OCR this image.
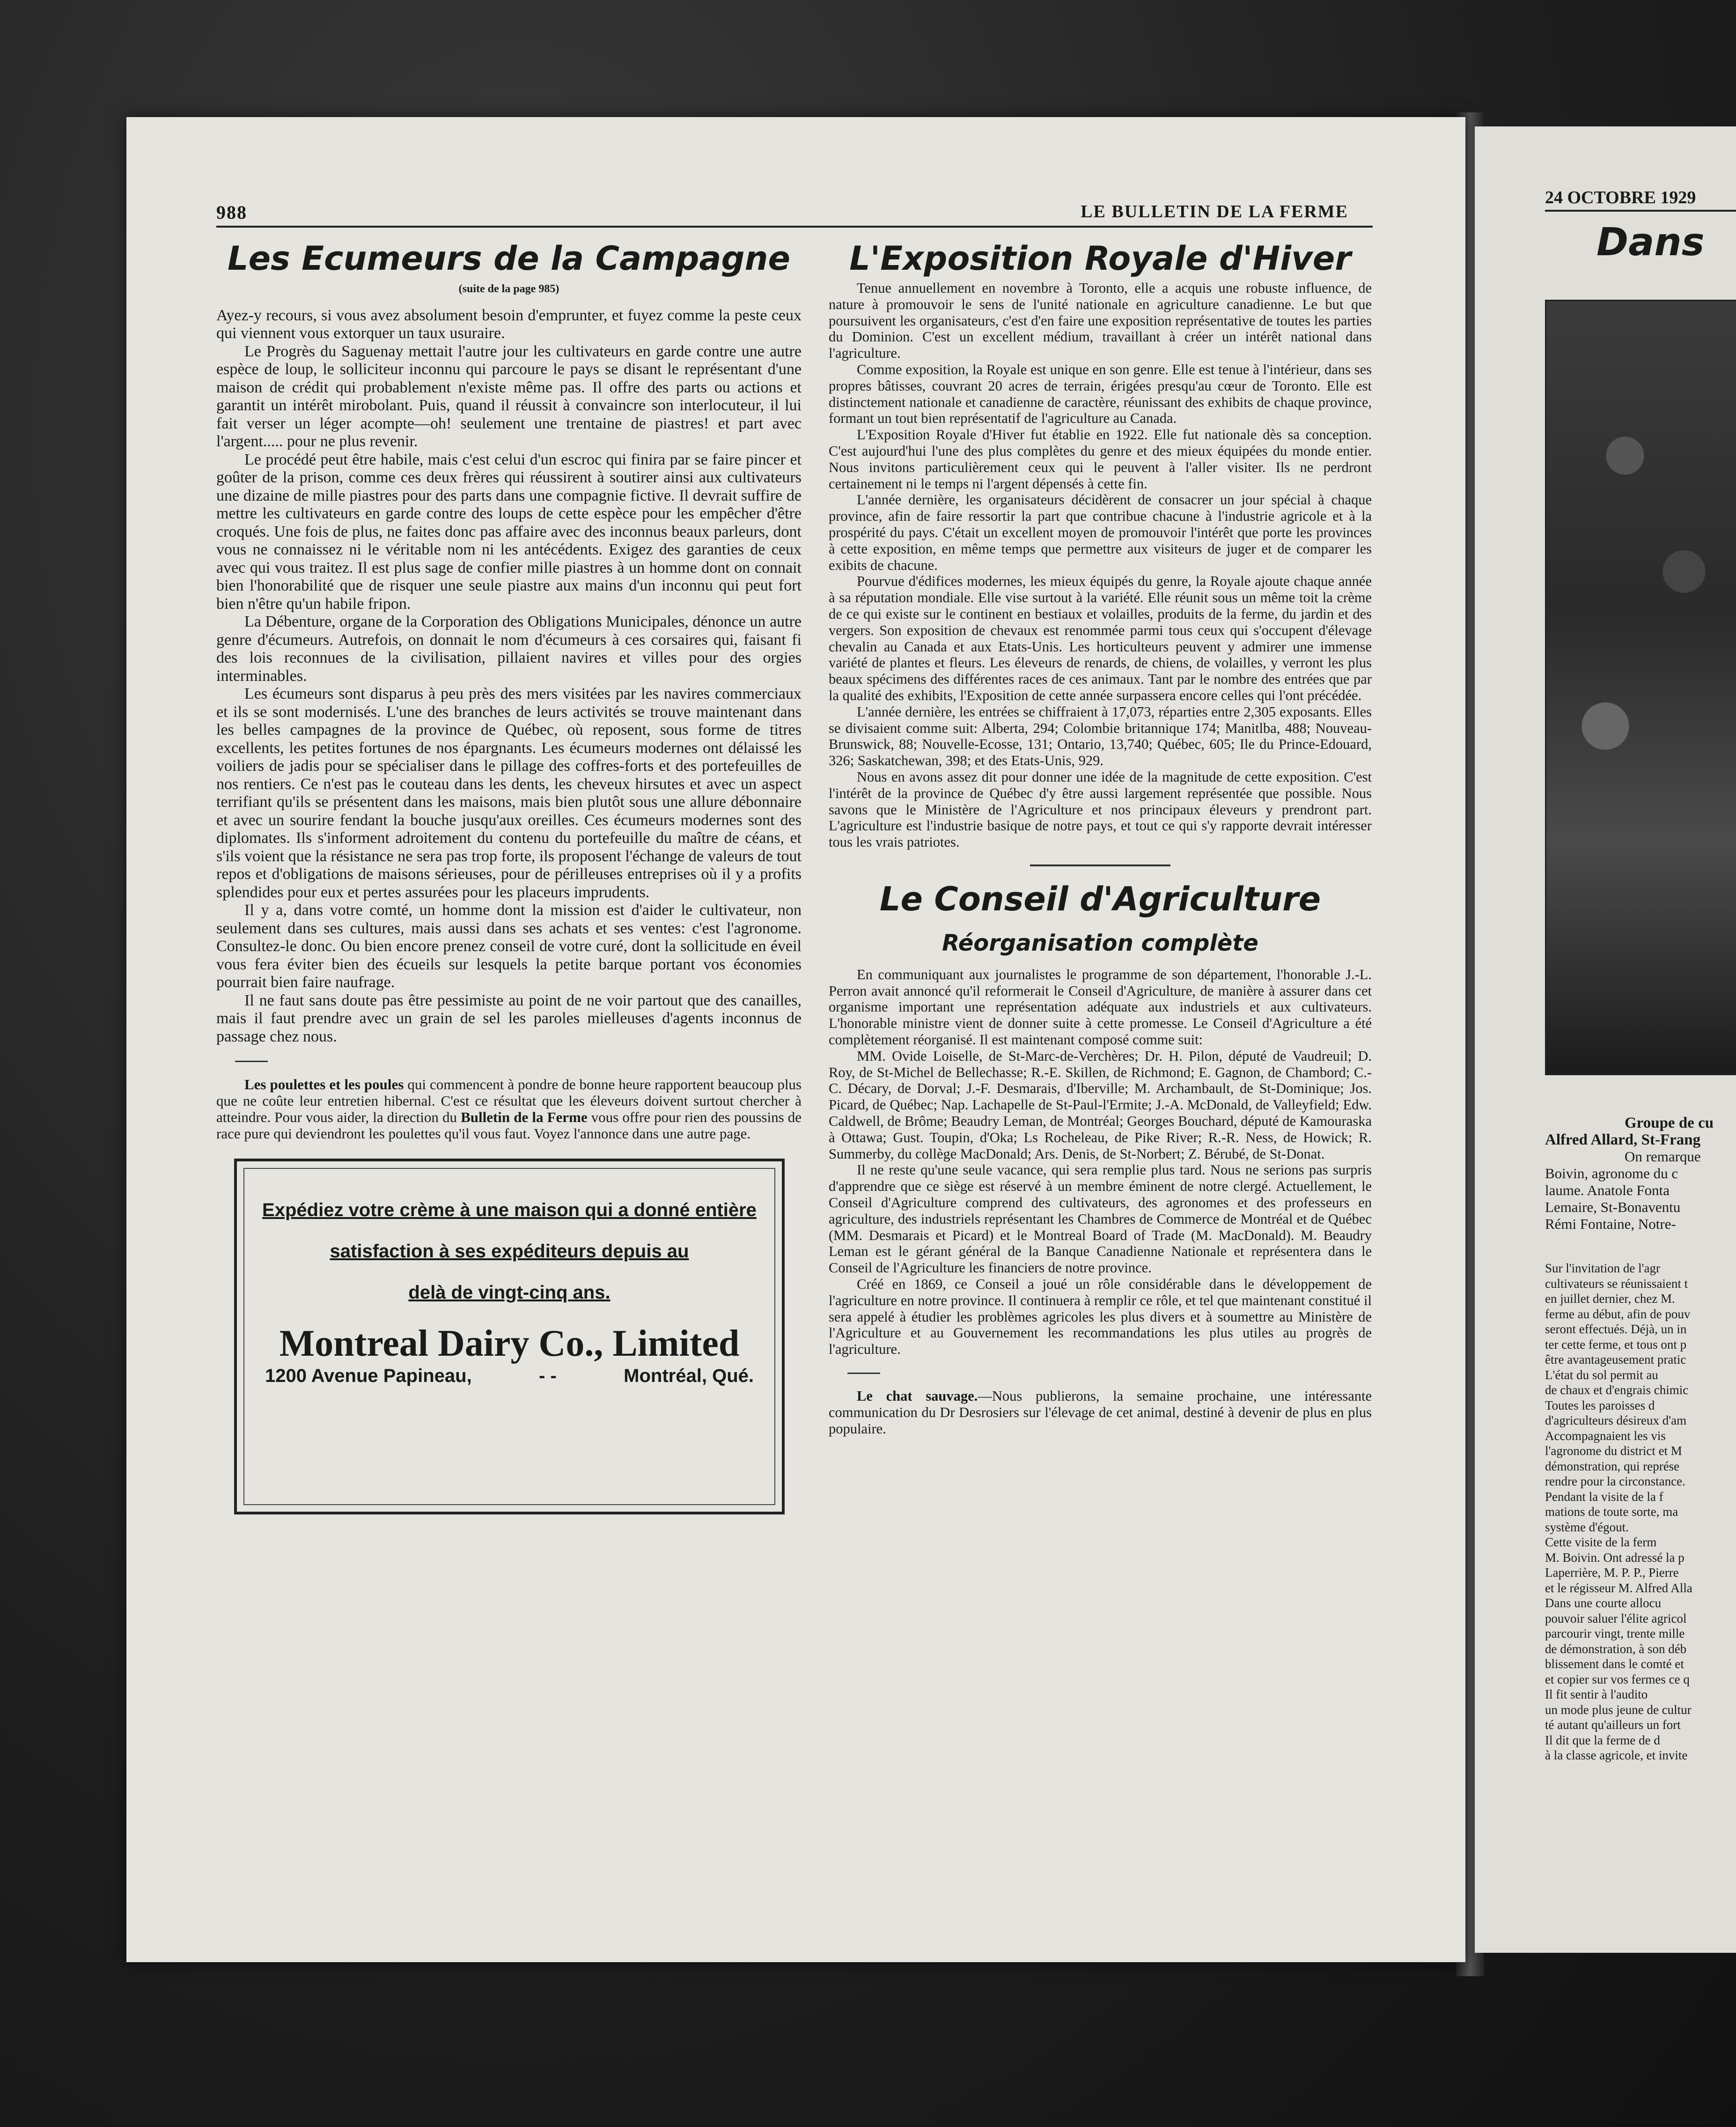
988	LE BULLETIN DE LA FERME
Les Ecumeurs de la Campagne
(suite de la page 985)

Ayez-y recours, si vous avez absolument besoin d'emprunter, et fuyez comme la peste ceux qui viennent vous extorquer un taux usuraire.

Le Progrès du Saguenay mettait l'autre jour les cultivateurs en garde contre une autre espèce de loup, le solliciteur inconnu qui parcoure le pays se disant le représentant d'une maison de crédit qui probablement n'existe même pas. Il offre des parts ou actions et garantit un intérêt mirobolant. Puis, quand il réussit à convaincre son interlocuteur, il lui fait verser un léger acompte—oh! seulement une trentaine de piastres! et part avec l'argent..... pour ne plus revenir.

Le procédé peut être habile, mais c'est celui d'un escroc qui finira par se faire pincer et goûter de la prison, comme ces deux frères qui réussirent à soutirer ainsi aux cultivateurs une dizaine de mille piastres pour des parts dans une compagnie fictive. Il devrait suffire de mettre les cultivateurs en garde contre des loups de cette espèce pour les empêcher d'être croqués. Une fois de plus, ne faites donc pas affaire avec des inconnus beaux parleurs, dont vous ne connaissez ni le véritable nom ni les antécédents. Exigez des garanties de ceux avec qui vous traitez. Il est plus sage de confier mille piastres à un homme dont on connait bien l'honorabilité que de risquer une seule piastre aux mains d'un inconnu qui peut fort bien n'être qu'un habile fripon.

La Débenture, organe de la Corporation des Obligations Municipales, dénonce un autre genre d'écumeurs. Autrefois, on donnait le nom d'écumeurs à ces corsaires qui, faisant fi des lois reconnues de la civilisation, pillaient navires et villes pour des orgies interminables.

Les écumeurs sont disparus à peu près des mers visitées par les navires commerciaux et ils se sont modernisés. L'une des branches de leurs activités se trouve maintenant dans les belles campagnes de la province de Québec, où reposent, sous forme de titres excellents, les petites fortunes de nos épargnants. Les écumeurs modernes ont délaissé les voiliers de jadis pour se spécialiser dans le pillage des coffres-forts et des portefeuilles de nos rentiers. Ce n'est pas le couteau dans les dents, les cheveux hirsutes et avec un aspect terrifiant qu'ils se présentent dans les maisons, mais bien plutôt sous une allure débonnaire et avec un sourire fendant la bouche jusqu'aux oreilles. Ces écumeurs modernes sont des diplomates. Ils s'informent adroitement du contenu du portefeuille du maître de céans, et s'ils voient que la résistance ne sera pas trop forte, ils proposent l'échange de valeurs de tout repos et d'obligations de maisons sérieuses, pour de périlleuses entreprises où il y a profits splendides pour eux et pertes assurées pour les placeurs imprudents.

Il y a, dans votre comté, un homme dont la mission est d'aider le cultivateur, non seulement dans ses cultures, mais aussi dans ses achats et ses ventes: c'est l'agronome. Consultez-le donc. Ou bien encore prenez conseil de votre curé, dont la sollicitude en éveil vous fera éviter bien des écueils sur lesquels la petite barque portant vos économies pourrait bien faire naufrage.

Il ne faut sans doute pas être pessimiste au point de ne voir partout que des canailles, mais il faut prendre avec un grain de sel les paroles mielleuses d'agents inconnus de passage chez nous.

Les poulettes et les poules qui commencent à pondre de bonne heure rapportent beaucoup plus que ne coûte leur entretien hibernal. C'est ce résultat que les éleveurs doivent surtout chercher à atteindre. Pour vous aider, la direction du Bulletin de la Ferme vous offre pour rien des poussins de race pure qui deviendront les poulettes qu'il vous faut. Voyez l'annonce dans une autre page.

Expédiez votre crème à une maison qui a donné entière
satisfaction à ses expéditeurs depuis au
delà de vingt-cinq ans.
Montreal Dairy Co., Limited
1200 Avenue Papineau,	- -	Montréal, Qué.
L'Exposition Royale d'Hiver

Tenue annuellement en novembre à Toronto, elle a acquis une robuste influence, de nature à promouvoir le sens de l'unité nationale en agriculture canadienne. Le but que poursuivent les organisateurs, c'est d'en faire une exposition représentative de toutes les parties du Dominion. C'est un excellent médium, travaillant à créer un intérêt national dans l'agriculture.

Comme exposition, la Royale est unique en son genre. Elle est tenue à l'intérieur, dans ses propres bâtisses, couvrant 20 acres de terrain, érigées presqu'au cœur de Toronto. Elle est distinctement nationale et canadienne de caractère, réunissant des exhibits de chaque province, formant un tout bien représentatif de l'agriculture au Canada.

L'Exposition Royale d'Hiver fut établie en 1922. Elle fut nationale dès sa conception. C'est aujourd'hui l'une des plus complètes du genre et des mieux équipées du monde entier. Nous invitons particulièrement ceux qui le peuvent à l'aller visiter. Ils ne perdront certainement ni le temps ni l'argent dépensés à cette fin.

L'année dernière, les organisateurs décidèrent de consacrer un jour spécial à chaque province, afin de faire ressortir la part que contribue chacune à l'industrie agricole et à la prospérité du pays. C'était un excellent moyen de promouvoir l'intérêt que porte les provinces à cette exposition, en même temps que permettre aux visiteurs de juger et de comparer les exibits de chacune.

Pourvue d'édifices modernes, les mieux équipés du genre, la Royale ajoute chaque année à sa réputation mondiale. Elle vise surtout à la variété. Elle réunit sous un même toit la crème de ce qui existe sur le continent en bestiaux et volailles, produits de la ferme, du jardin et des vergers. Son exposition de chevaux est renommée parmi tous ceux qui s'occupent d'élevage chevalin au Canada et aux Etats-Unis. Les horticulteurs peuvent y admirer une immense variété de plantes et fleurs. Les éleveurs de renards, de chiens, de volailles, y verront les plus beaux spécimens des différentes races de ces animaux. Tant par le nombre des entrées que par la qualité des exhibits, l'Exposition de cette année surpassera encore celles qui l'ont précédée.

L'année dernière, les entrées se chiffraient à 17,073, réparties entre 2,305 exposants. Elles se divisaient comme suit: Alberta, 294; Colombie britannique 174; Manitlba, 488; Nouveau-Brunswick, 88; Nouvelle-Ecosse, 131; Ontario, 13,740; Québec, 605; Ile du Prince-Edouard, 326; Saskatchewan, 398; et des Etats-Unis, 929.

Nous en avons assez dit pour donner une idée de la magnitude de cette exposition. C'est l'intérêt de la province de Québec d'y être aussi largement représentée que possible. Nous savons que le Ministère de l'Agriculture et nos principaux éleveurs y prendront part. L'agriculture est l'industrie basique de notre pays, et tout ce qui s'y rapporte devrait intéresser tous les vrais patriotes.

Le Conseil d'Agriculture
Réorganisation complète

En communiquant aux journalistes le programme de son département, l'honorable J.-L. Perron avait annoncé qu'il reformerait le Conseil d'Agriculture, de manière à assurer dans cet organisme important une représentation adéquate aux industriels et aux cultivateurs. L'honorable ministre vient de donner suite à cette promesse. Le Conseil d'Agriculture a été complètement réorganisé. Il est maintenant composé comme suit:

MM. Ovide Loiselle, de St-Marc-de-Verchères; Dr. H. Pilon, député de Vaudreuil; D. Roy, de St-Michel de Bellechasse; R.-E. Skillen, de Richmond; E. Gagnon, de Chambord; C.-C. Décary, de Dorval; J.-F. Desmarais, d'Iberville; M. Archambault, de St-Dominique; Jos. Picard, de Québec; Nap. Lachapelle de St-Paul-l'Ermite; J.-A. McDonald, de Valleyfield; Edw. Caldwell, de Brôme; Beaudry Leman, de Montréal; Georges Bouchard, député de Kamouraska à Ottawa; Gust. Toupin, d'Oka; Ls Rocheleau, de Pike River; R.-R. Ness, de Howick; R. Summerby, du collège MacDonald; Ars. Denis, de St-Norbert; Z. Bérubé, de St-Donat.

Il ne reste qu'une seule vacance, qui sera remplie plus tard. Nous ne serions pas surpris d'apprendre que ce siège est réservé à un membre éminent de notre clergé. Actuellement, le Conseil d'Agriculture comprend des cultivateurs, des agronomes et des professeurs en agriculture, des industriels représentant les Chambres de Commerce de Montréal et de Québec (MM. Desmarais et Picard) et le Montreal Board of Trade (M. MacDonald). M. Beaudry Leman est le gérant général de la Banque Canadienne Nationale et représentera dans le Conseil de l'Agriculture les financiers de notre province.

Créé en 1869, ce Conseil a joué un rôle considérable dans le développement de l'agriculture en notre province. Il continuera à remplir ce rôle, et tel que maintenant constitué il sera appelé à étudier les problèmes agricoles les plus divers et à soumettre au Ministère de l'Agriculture et au Gouvernement les recommandations les plus utiles au progrès de l'agriculture.

Le chat sauvage.—Nous publierons, la semaine prochaine, une intéressante communication du Dr Desrosiers sur l'élevage de cet animal, destiné à devenir de plus en plus populaire.

24 OCTOBRE 1929
Dans
Groupe de cu
Alfred Allard, St-Frang
On remarque
Boivin, agronome du c
laume. Anatole Fonta
Lemaire, St-Bonaventu
Rémi Fontaine, Notre-
Sur l'invitation de l'agr
cultivateurs se réunissaient t
en juillet dernier, chez M.
ferme au début, afin de pouv
seront effectués. Déjà, un in
ter cette ferme, et tous ont p
être avantageusement pratic
L'état du sol permit au
de chaux et d'engrais chimic
Toutes les paroisses d
d'agriculteurs désireux d'am
Accompagnaient les vis
l'agronome du district et M
démonstration, qui représe
rendre pour la circonstance.
Pendant la visite de la f
mations de toute sorte, ma
système d'égout.
Cette visite de la ferm
M. Boivin. Ont adressé la p
Laperrière, M. P. P., Pierre
et le régisseur M. Alfred Alla
Dans une courte allocu
pouvoir saluer l'élite agricol
parcourir vingt, trente mille
de démonstration, à son déb
blissement dans le comté et
et copier sur vos fermes ce q
Il fit sentir à l'audito
un mode plus jeune de cultur
té autant qu'ailleurs un fort
Il dit que la ferme de d
à la classe agricole, et invite
